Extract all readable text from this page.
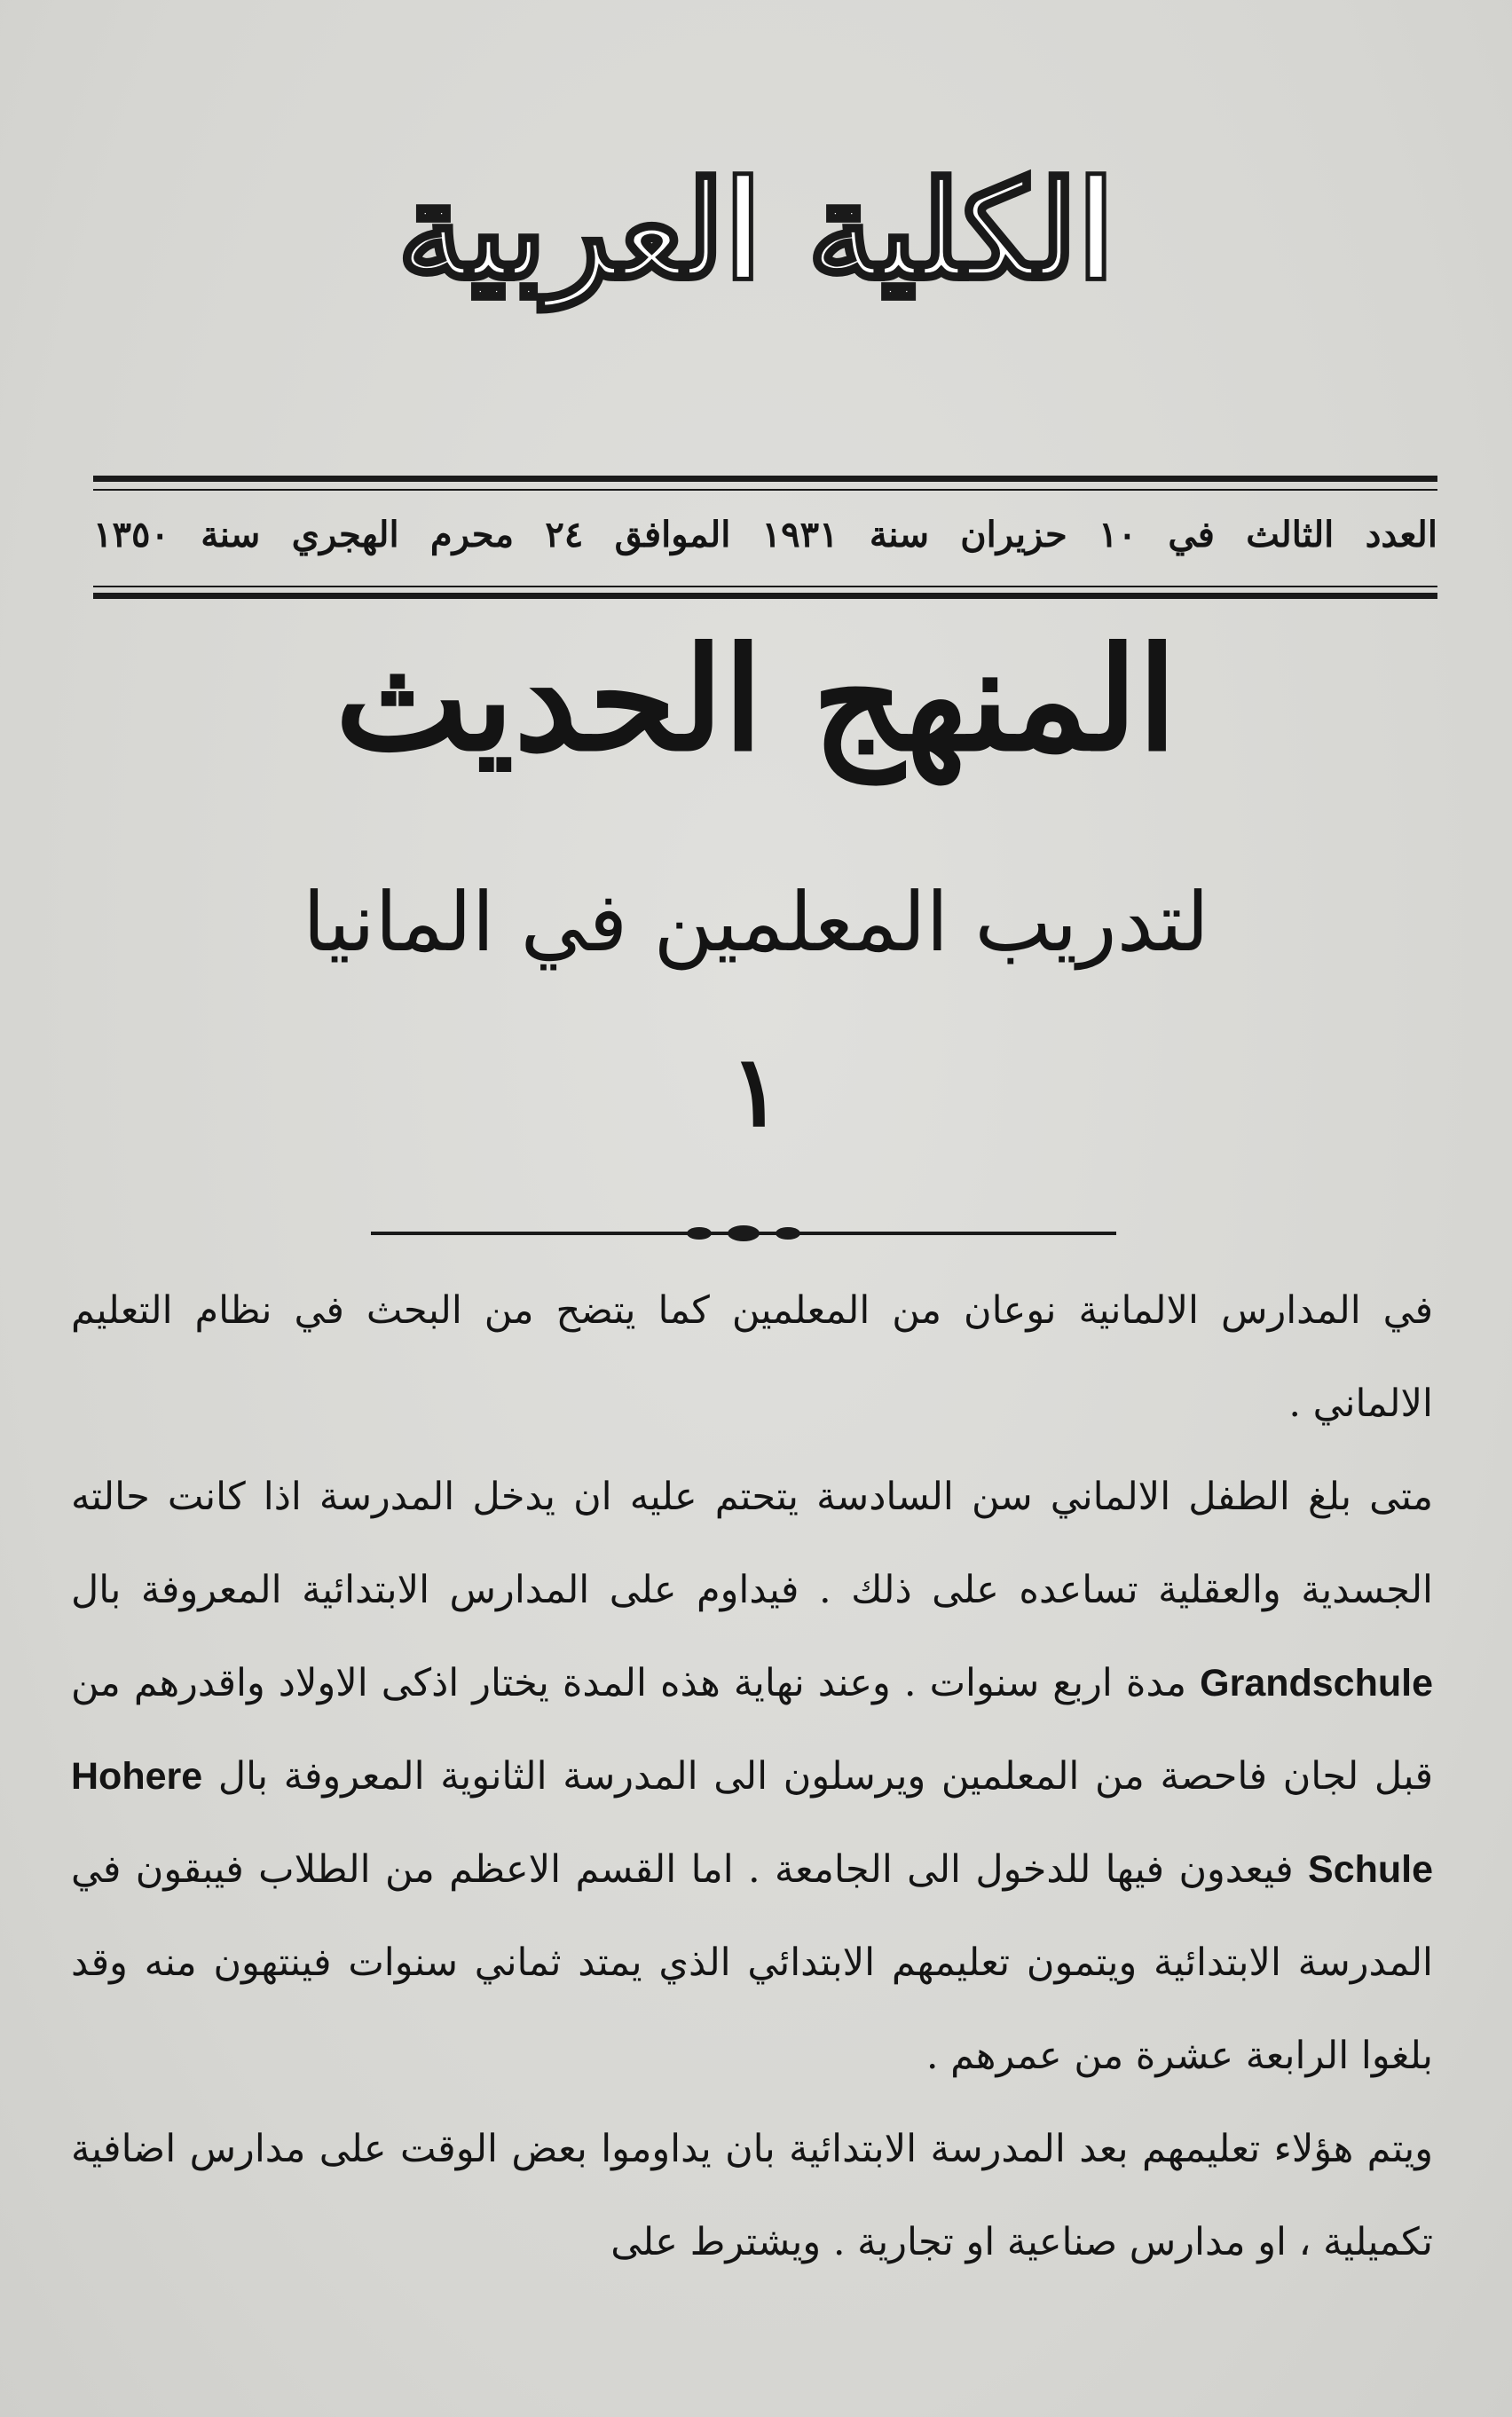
الكلية العربية
العدد الثالث في ١٠ حزيران سنة ١٩٣١ الموافق ٢٤ محرم الهجري سنة ١٣٥٠
المنهج الحديث
لتدريب المعلمين في المانيا
١

في المدارس الالمانية نوعان من المعلمين كما يتضح من البحث في نظام التعليم الالماني .

متى بلغ الطفل الالماني سن السادسة يتحتم عليه ان يدخل المدرسة اذا كانت حالته الجسدية والعقلية تساعده على ذلك . فيداوم على المدارس الابتدائية المعروفة بال Grandschule مدة اربع سنوات . وعند نهاية هذه المدة يختار اذكى الاولاد واقدرهم من قبل لجان فاحصة من المعلمين ويرسلون الى المدرسة الثانوية المعروفة بال Hohere Schule فيعدون فيها للدخول الى الجامعة . اما القسم الاعظم من الطلاب فيبقون في المدرسة الابتدائية ويتمون تعليمهم الابتدائي الذي يمتد ثماني سنوات فينتهون منه وقد بلغوا الرابعة عشرة من عمرهم .

ويتم هؤلاء تعليمهم بعد المدرسة الابتدائية بان يداوموا بعض الوقت على مدارس اضافية تكميلية ، او مدارس صناعية او تجارية . ويشترط على
